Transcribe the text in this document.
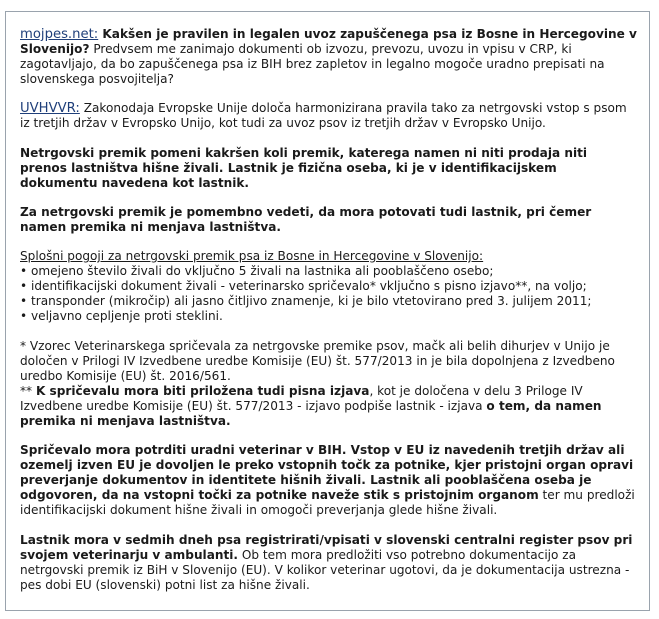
mojpes.net: Kakšen je pravilen in legalen uvoz zapuščenega psa iz Bosne in Hercegovine v Slovenijo? Predvsem me zanimajo dokumenti ob izvozu, prevozu, uvozu in vpisu v CRP, ki zagotavljajo, da bo zapuščenega psa iz BIH brez zapletov in legalno mogoče uradno prepisati na slovenskega posvojitelja?

UVHVVR: Zakonodaja Evropske Unije določa harmonizirana pravila tako za netrgovski vstop s psom iz tretjih držav v Evropsko Unijo, kot tudi za uvoz psov iz tretjih držav v Evropsko Unijo.

Netrgovski premik pomeni kakršen koli premik, katerega namen ni niti prodaja niti prenos lastništva hišne živali. Lastnik je fizična oseba, ki je v identifikacijskem dokumentu navedena kot lastnik.

Za netrgovski premik je pomembno vedeti, da mora potovati tudi lastnik, pri čemer namen premika ni menjava lastništva.

Splošni pogoji za netrgovski premik psa iz Bosne in Hercegovine v Slovenijo:
• omejeno število živali do vključno 5 živali na lastnika ali pooblaščeno osebo;
• identifikacijski dokument živali - veterinarsko spričevalo* vključno s pisno izjavo**, na voljo;
• transponder (mikročip) ali jasno čitljivo znamenje, ki je bilo vtetovirano pred 3. julijem 2011;
• veljavno cepljenje proti steklini.

* Vzorec Veterinarskega spričevala za netrgovske premike psov, mačk ali belih dihurjev v Unijo je določen v Prilogi IV Izvedbene uredbe Komisije (EU) št. 577/2013 in je bila dopolnjena z Izvedbeno uredbo Komisije (EU) št. 2016/561.

** K spričevalu mora biti priložena tudi pisna izjava, kot je določena v delu 3 Priloge IV Izvedbene uredbe Komisije (EU) št. 577/2013 - izjavo podpiše lastnik - izjava o tem, da namen premika ni menjava lastništva.

Spričevalo mora potrditi uradni veterinar v BIH. Vstop v EU iz navedenih tretjih držav ali ozemelj izven EU je dovoljen le preko vstopnih točk za potnike, kjer pristojni organ opravi preverjanje dokumentov in identitete hišnih živali. Lastnik ali pooblaščena oseba je odgovoren, da na vstopni točki za potnike naveže stik s pristojnim organom ter mu predloži identifikacijski dokument hišne živali in omogoči preverjanja glede hišne živali.

Lastnik mora v sedmih dneh psa registrirati/vpisati v slovenski centralni register psov pri svojem veterinarju v ambulanti. Ob tem mora predložiti vso potrebno dokumentacijo za netrgovski premik iz BiH v Slovenijo (EU). V kolikor veterinar ugotovi, da je dokumentacija ustrezna - pes dobi EU (slovenski) potni list za hišne živali.
